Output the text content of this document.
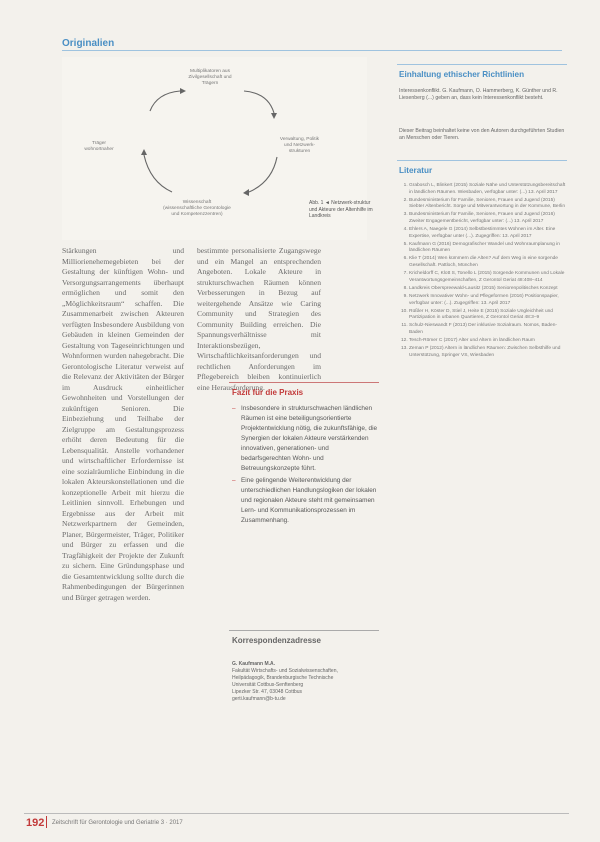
Originalien
Multiplikatoren aus
Zivilgesellschaft und
Trägern
Träger
wohnortnaher
Verwaltung, Politik
und Netzwerk-
strukturen
Wissenschaft
(wissenschaftliche Gerontologie
und Kompetenzzentren)
Abb. 1 ◄ Netzwerk-struktur und Akteure der Altenhilfe im Landkreis

Stärkungen und Milliorienehemegebieten bei der Gestaltung der künftigen Wohn- und Versorgungsarrangements überhaupt ermöglichen und somit den „Möglichkeitsraum“ schaffen. Die Zusammenarbeit zwischen Akteuren verfügten Insbesondere Ausbildung von Gebäuden in kleinen Gemeinden der Gestaltung von Tageseinrichtungen und Wohnformen wurden nahegebracht. Die Gerontologische Literatur verweist auf die Relevanz der Aktivitäten der Bürger im Ausdruck einheitlicher Gewohnheiten und Vorstellungen der zukünftigen Senioren. Die Einbeziehung und Teilhabe der Zielgruppe am Gestaltungsprozess erhöht deren Bedeutung für die Lebensqualität. Anstelle vorhandener und wirtschaftlicher Erfordernisse ist eine sozialräumliche Einbindung in die lokalen Akteurskonstellationen und die konzeptionelle Arbeit mit hierzu die Leitlinien sinnvoll. Erhebungen und Ergebnisse aus der Arbeit mit Netzwerkpartnern der Gemeinden, Planer, Bürgermeister, Träger, Politiker und Bürger zu erfassen und die Tragfähigkeit der Projekte der Zukunft zu sichern. Eine Gründungsphase und die Gesamtentwicklung sollte durch die Rahmenbedingungen der Bürgerinnen und Bürger getragen werden.

bestimmte personalisierte Zugangswege und ein Mangel an entsprechenden Angeboten. Lokale Akteure in strukturschwachen Räumen können Verbesserungen in Bezug auf weitergehende Ansätze wie Caring Community und Strategien des Community Building erreichen. Die Spannungsverhältnisse mit Interaktionsbezügen, Wirtschaftlichkeitsanforderungen und rechtlichen Anforderungen im Pflegebereich bleiben kontinuierlich eine Herausforderung.

Fazit für die Praxis
– Insbesondere in strukturschwachen ländlichen Räumen ist eine beteiligungsorientierte Projektentwicklung nötig, die zukunftsfähige, die Synergien der lokalen Akteure verstärkenden innovativen, generationen- und bedarfsgerechten Wohn- und Betreuungskonzepte führt.
– Eine gelingende Weiterentwicklung der unterschiedlichen Handlungslogiken der lokalen und regionalen Akteure steht mit gemeinsamen Lern- und Kommunikationsprozessen im Zusammenhang.
Korrespondenzadresse
G. Kaufmann M.A.
Fakultät Wirtschafts- und Sozialwissenschaften,
Heilpädagogik, Brandenburgische Technische
Universität Cottbus-Senftenberg
Lipezker Str. 47, 03048 Cottbus
gerti.kaufmann@b-tu.de
Einhaltung ethischer Richtlinien
Interessenkonflikt. G. Kaufmann, O. Hammerberg, K. Günther und R. Liesenberg (...) geben an, dass kein Interessenkonflikt besteht.
Dieser Beitrag beinhaltet keine von den Autoren durchgeführten Studien an Menschen oder Tieren.
Literatur
1. Grabosch L, Blinkert (2015) Soziale Nähe und Unterstützungsbereitschaft in ländlichen Räumen. Wiesbaden, verfügbar unter: (...) 13. April 2017
2. Bundesministerium für Familie, Senioren, Frauen und Jugend (2015) Siebter Altenbericht. Sorge und Mitverantwortung in der Kommune, Berlin
3. Bundesministerium für Familie, Senioren, Frauen und Jugend (2016) Zweiter Engagementbericht, verfügbar unter: (...) 13. April 2017
4. Ehlers A, Naegele G (2014) Selbstbestimmtes Wohnen im Alter. Eine Expertise, verfügbar unter (...). Zugegriffen: 13. April 2017
5. Kaufmann G (2016) Demografischer Wandel und Wohnraumplanung in ländlichen Räumen
6. Klie T (2014) Wen kümmern die Alten? Auf dem Weg in eine sorgende Gesellschaft. Pattloch, München
7. Kricheldorff C, Klott S, Tonello L (2015) Sorgende Kommunen und Lokale Verantwortungsgemeinschaften, Z Gerontol Geriat 48:408–414
8. Landkreis Oberspreewald-Lausitz (2015) Seniorenpolitisches Konzept
9. Netzwerk Innovativer Wohn- und Pflegeformen (2016) Positionspapier, verfügbar unter: (...). Zugegriffen: 13. April 2017
10. Rüßler H, Köster D, Stiel J, Heite E (2015) Soziale Ungleichheit und Partizipation in urbanen Quartieren, Z Gerontol Geriat 48:3–9
11. Schulz-Nieswandt F (2013) Der inklusive Sozialraum. Nomos, Baden-Baden
12. Tesch-Römer C (2017) Alter und Altern im ländlichen Raum
13. Zeman P (2012) Altern in ländlichen Räumen: Zwischen Selbsthilfe und Unterstützung, Springer VS, Wiesbaden
192 Zeitschrift für Gerontologie und Geriatrie 3 · 2017
